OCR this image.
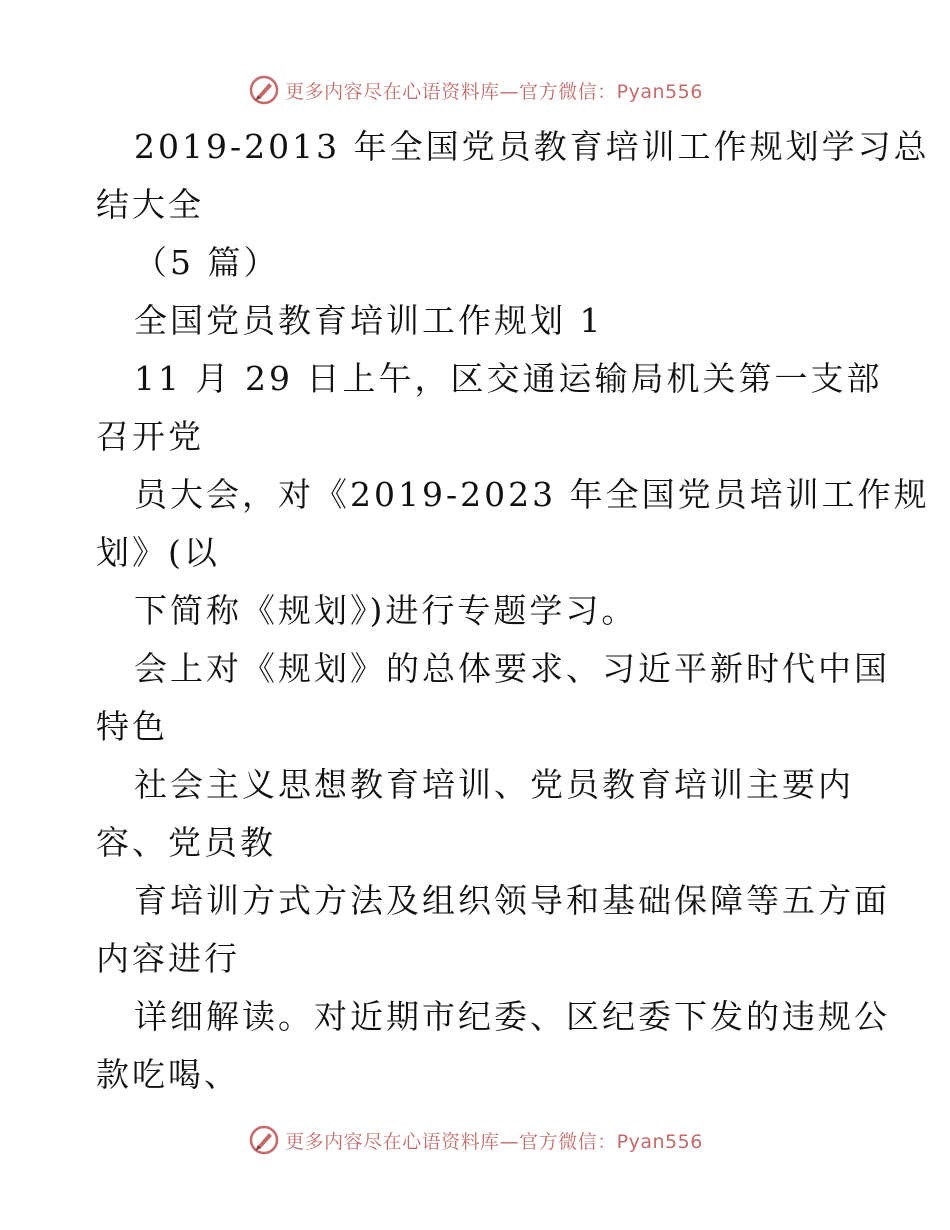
更多内容尽在心语资料库—官方微信：Pyan556
2019-2013 年全国党员教育培训工作规划学习总
结大全
（5 篇）
全国党员教育培训工作规划 1
11 月 29 日上午，区交通运输局机关第一支部
召开党
员大会，对《2019-2023 年全国党员培训工作规
划》(以
下简称《规划》)进行专题学习。
会上对《规划》的总体要求、习近平新时代中国
特色
社会主义思想教育培训、党员教育培训主要内
容、党员教
育培训方式方法及组织领导和基础保障等五方面
内容进行
详细解读。对近期市纪委、区纪委下发的违规公
款吃喝、
更多内容尽在心语资料库—官方微信：Pyan556
